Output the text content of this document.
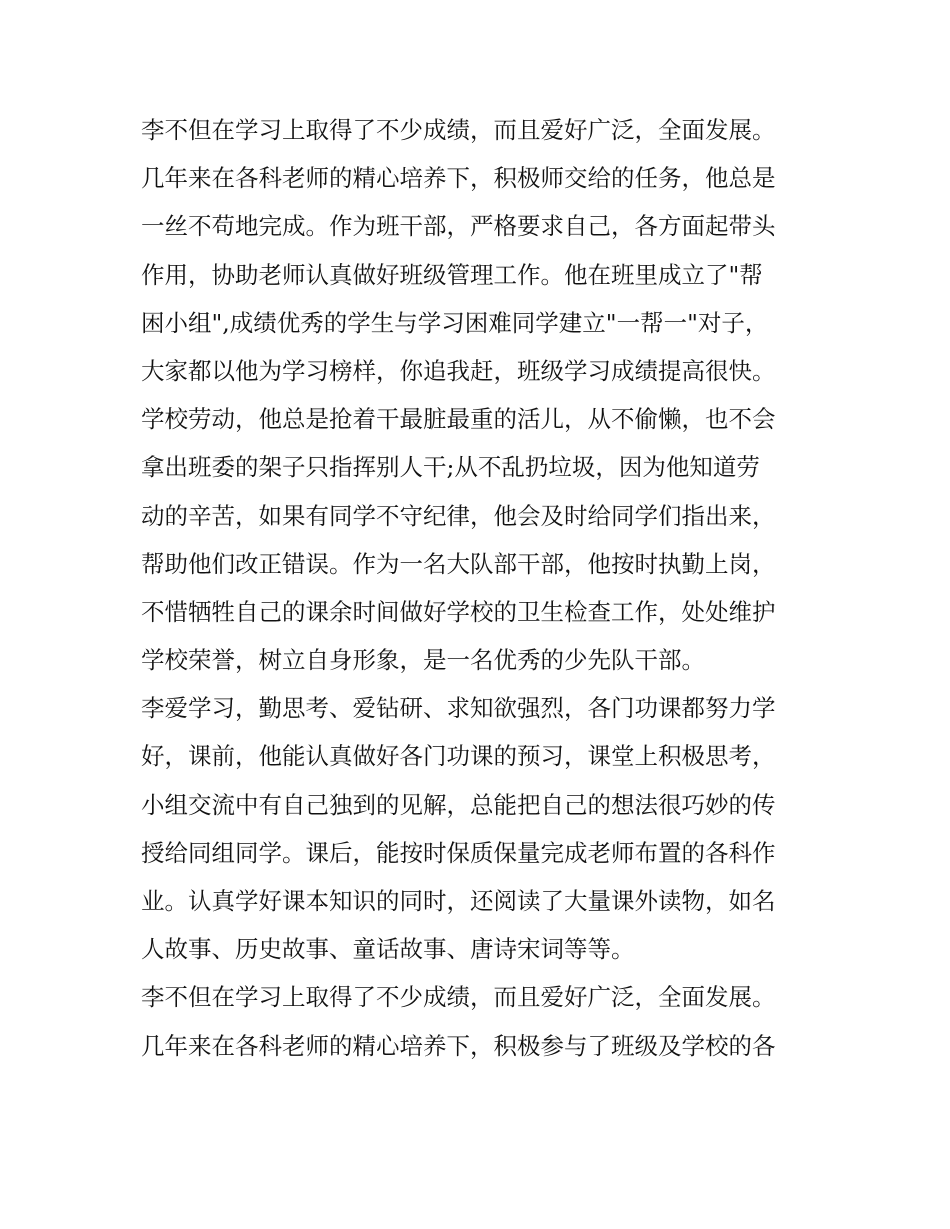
李不但在学习上取得了不少成绩，而且爱好广泛，全面发展。
几年来在各科老师的精心培养下，积极师交给的任务，他总是
一丝不苟地完成。作为班干部，严格要求自己，各方面起带头
作用，协助老师认真做好班级管理工作。他在班里成立了"帮
困小组",成绩优秀的学生与学习困难同学建立"一帮一"对子，
大家都以他为学习榜样，你追我赶，班级学习成绩提高很快。
学校劳动，他总是抢着干最脏最重的活儿，从不偷懒，也不会
拿出班委的架子只指挥别人干;从不乱扔垃圾，因为他知道劳
动的辛苦，如果有同学不守纪律，他会及时给同学们指出来，
帮助他们改正错误。作为一名大队部干部，他按时执勤上岗，
不惜牺牲自己的课余时间做好学校的卫生检查工作，处处维护
学校荣誉，树立自身形象，是一名优秀的少先队干部。
李爱学习，勤思考、爱钻研、求知欲强烈，各门功课都努力学
好，课前，他能认真做好各门功课的预习，课堂上积极思考，
小组交流中有自己独到的见解，总能把自己的想法很巧妙的传
授给同组同学。课后，能按时保质保量完成老师布置的各科作
业。认真学好课本知识的同时，还阅读了大量课外读物，如名
人故事、历史故事、童话故事、唐诗宋词等等。
李不但在学习上取得了不少成绩，而且爱好广泛，全面发展。
几年来在各科老师的精心培养下，积极参与了班级及学校的各
